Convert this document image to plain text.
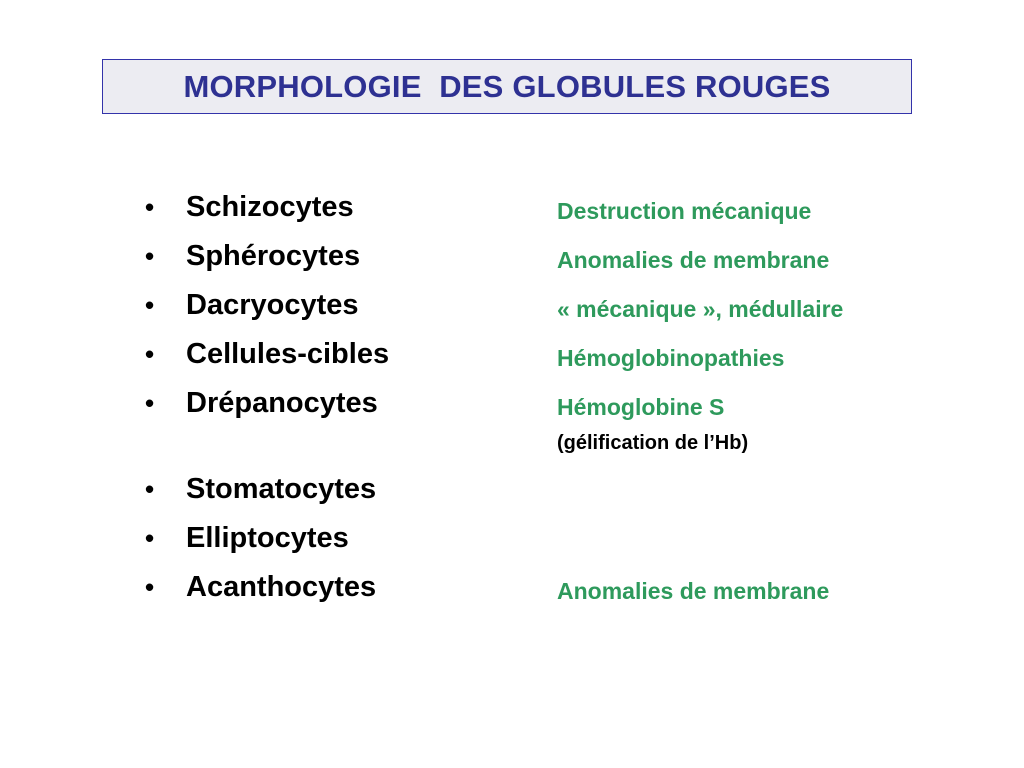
MORPHOLOGIE  DES GLOBULES ROUGES
• Schizocytes	Destruction mécanique
• Sphérocytes	Anomalies de membrane
• Dacryocytes	« mécanique », médullaire
• Cellules-cibles	Hémoglobinopathies
• Drépanocytes	Hémoglobine S
(gélification de l’Hb)
• Stomatocytes
• Elliptocytes
• Acanthocytes	Anomalies de membrane
